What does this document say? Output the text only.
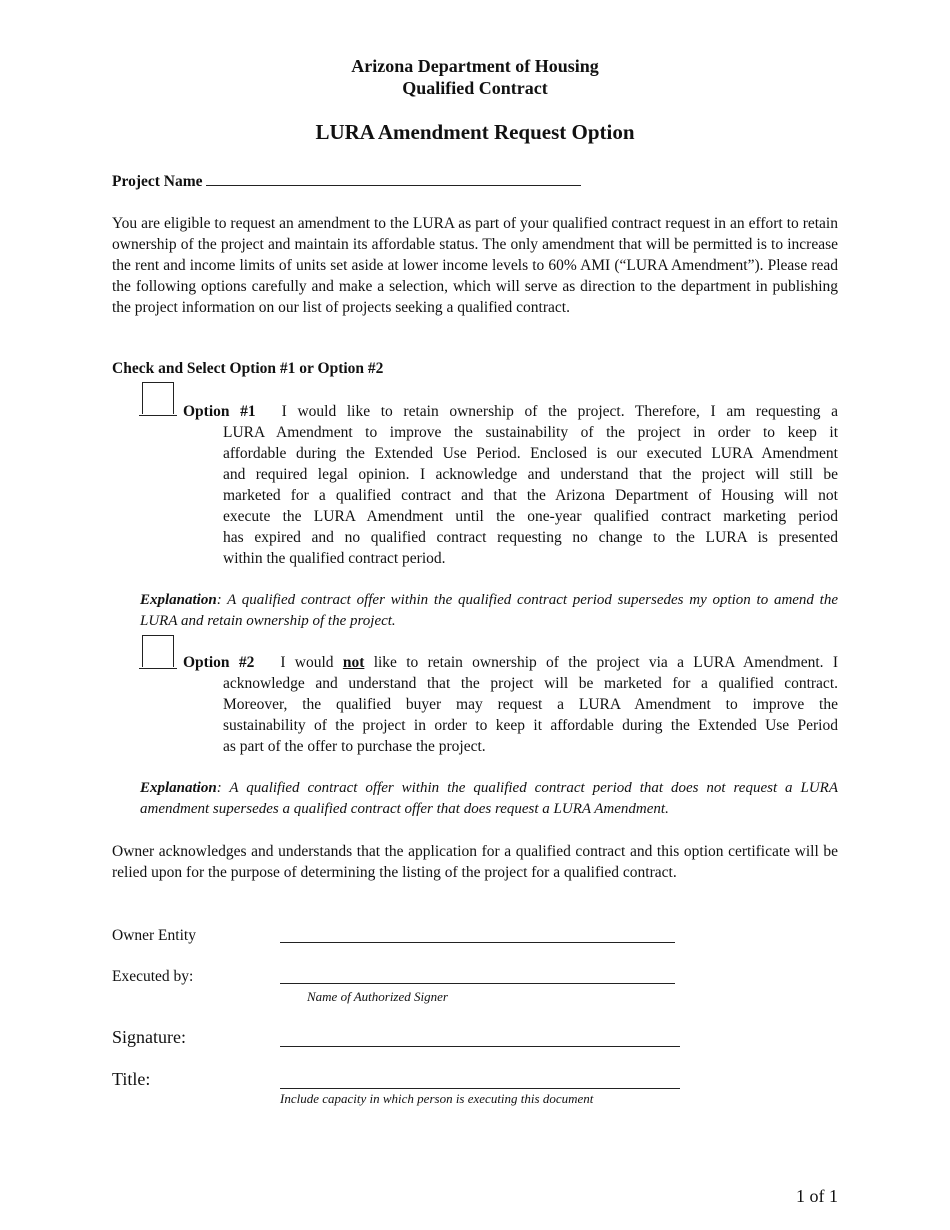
Arizona Department of Housing
Qualified Contract
LURA Amendment Request Option
Project Name
You are eligible to request an amendment to the LURA as part of your qualified contract request in an effort to retain ownership of the project and maintain its affordable status. The only amendment that will be permitted is to increase the rent and income limits of units set aside at lower income levels to 60% AMI (“LURA Amendment”). Please read the following options carefully and make a selection, which will serve as direction to the department in publishing the project information on our list of projects seeking a qualified contract.
Check and Select Option #1 or Option #2
Option #1 I would like to retain ownership of the project. Therefore, I am requesting a
LURA Amendment to improve the sustainability of the project in order to keep it
affordable during the Extended Use Period. Enclosed is our executed LURA Amendment
and required legal opinion. I acknowledge and understand that the project will still be
marketed for a qualified contract and that the Arizona Department of Housing will not
execute the LURA Amendment until the one-year qualified contract marketing period
has expired and no qualified contract requesting no change to the LURA is presented
within the qualified contract period.
Explanation: A qualified contract offer within the qualified contract period supersedes my option to amend the LURA and retain ownership of the project.
Option #2 I would not like to retain ownership of the project via a LURA Amendment. I
acknowledge and understand that the project will be marketed for a qualified contract.
Moreover, the qualified buyer may request a LURA Amendment to improve the
sustainability of the project in order to keep it affordable during the Extended Use Period
as part of the offer to purchase the project.
Explanation: A qualified contract offer within the qualified contract period that does not request a LURA amendment supersedes a qualified contract offer that does request a LURA Amendment.
Owner acknowledges and understands that the application for a qualified contract and this option certificate will be relied upon for the purpose of determining the listing of the project for a qualified contract.
Owner Entity
Executed by:
Name of Authorized Signer
Signature:
Title:
Include capacity in which person is executing this document
1 of 1
